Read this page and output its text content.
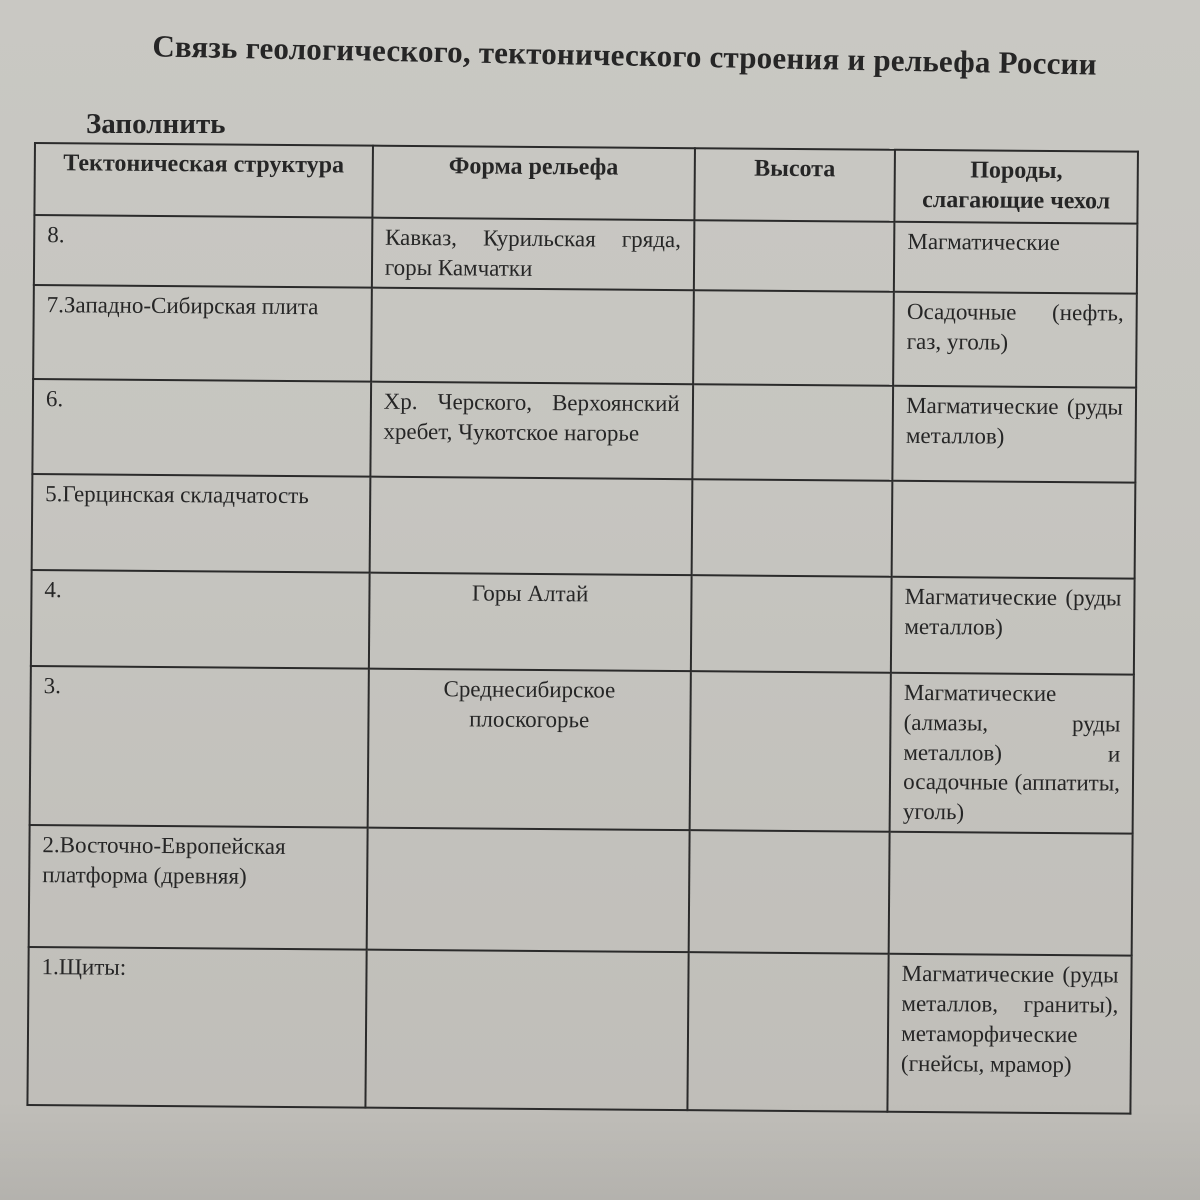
Связь геологического, тектонического строения и рельефа России
Заполнить
Тектоническая структура	Форма рельефа	Высота	Породы, слагающие чехол
8.	Кавказ, Курильская гряда, горы Камчатки		Магматические
7.Западно-Сибирская плита			Осадочные (нефть, газ, уголь)
6.	Хр. Черского, Верхоянский хребет, Чукотское нагорье		Магматические (руды металлов)
5.Герцинская складчатость			
4.	Горы Алтай		Магматические (руды металлов)
3.	Среднесибирское плоскогорье		Магматические (алмазы, руды металлов) и осадочные (аппатиты, уголь)
2.Восточно-Европейская платформа (древняя)			
1.Щиты:			Магматические (руды металлов, граниты), метаморфические (гнейсы, мрамор)
